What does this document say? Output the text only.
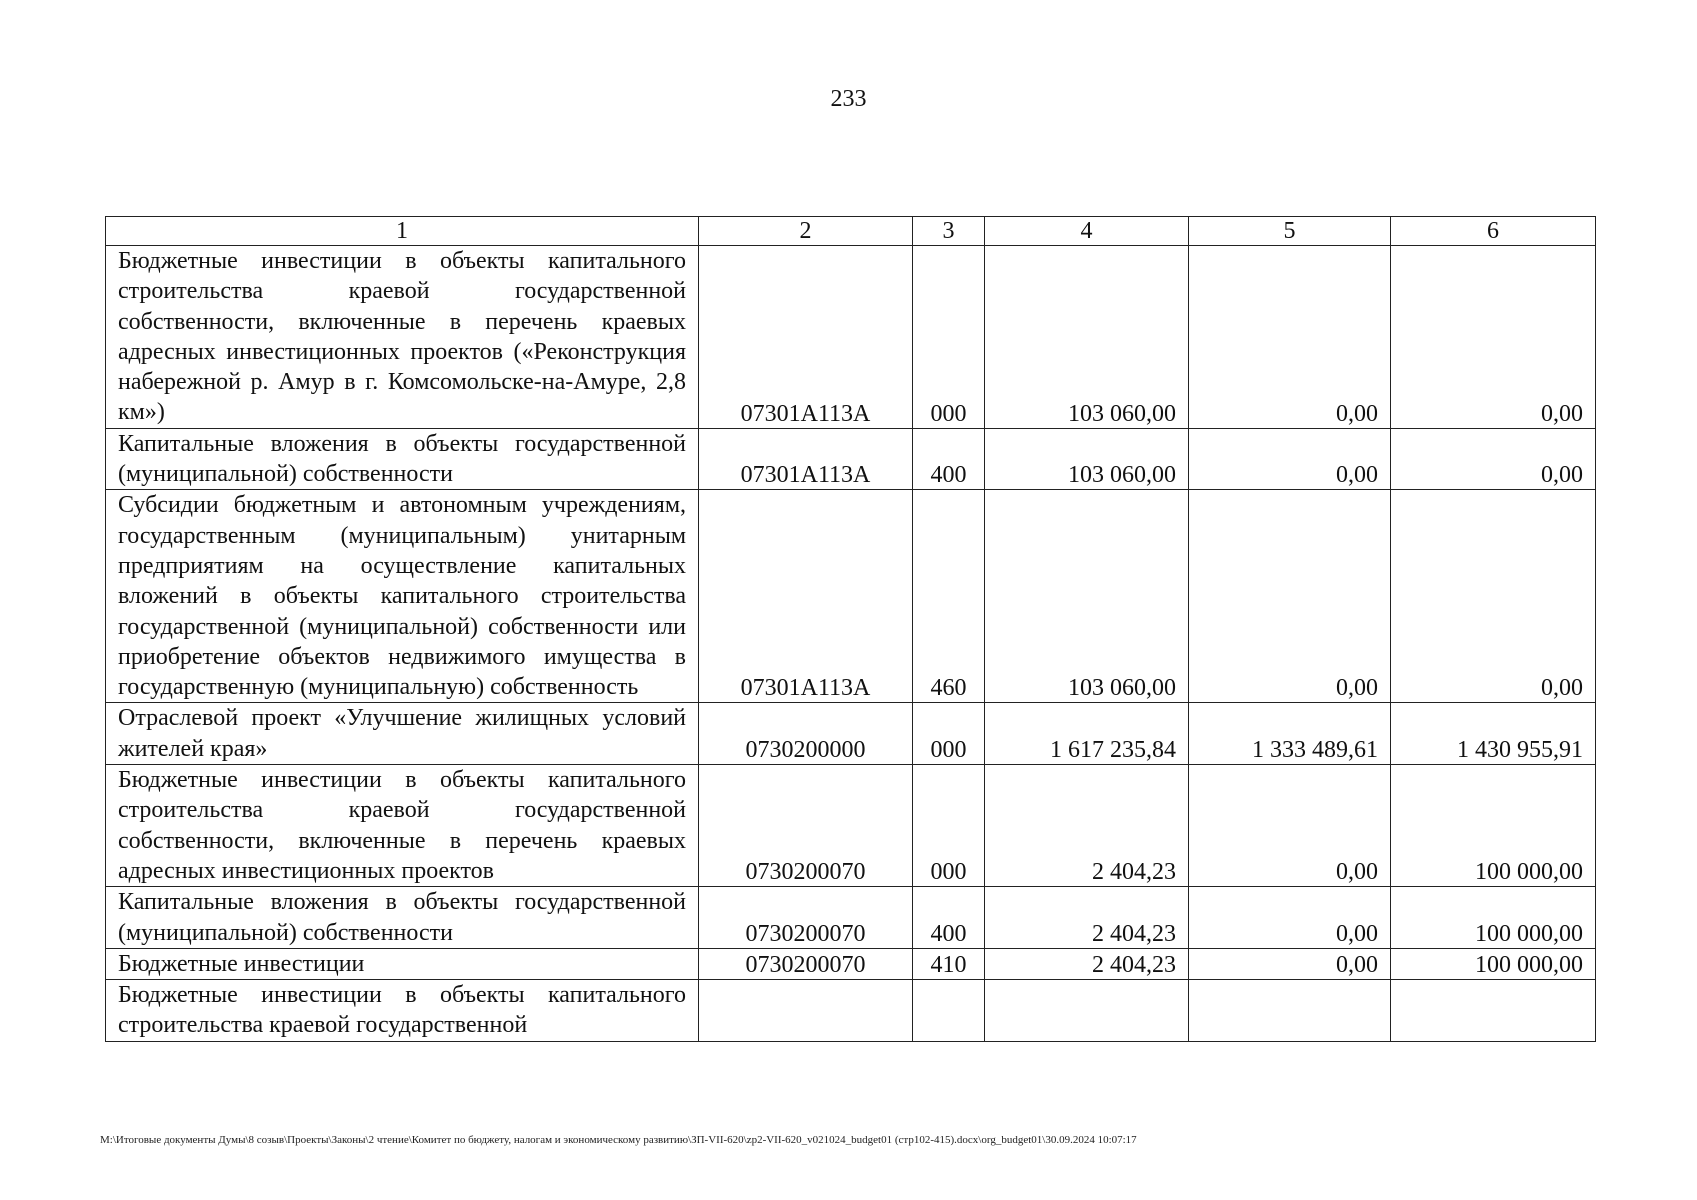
233
1	2	3	4	5	6
Бюджетные инвестиции в объекты капитального строительства краевой государственной собственности, включенные в перечень краевых адресных инвестиционных проектов («Реконструкция набережной р. Амур в г. Комсомольске-на-Амуре, 2,8 км»)	07301А113А	000	103 060,00	0,00	0,00
Капитальные вложения в объекты государственной (муниципальной) собственности	07301А113А	400	103 060,00	0,00	0,00
Субсидии бюджетным и автономным учреждениям, государственным (муниципальным) унитарным предприятиям на осуществление капитальных вложений в объекты капитального строительства государственной (муниципальной) собственности или приобретение объектов недвижимого имущества в государственную (муниципальную) собственность	07301А113А	460	103 060,00	0,00	0,00
Отраслевой проект «Улучшение жилищных условий жителей края»	0730200000	000	1 617 235,84	1 333 489,61	1 430 955,91
Бюджетные инвестиции в объекты капитального строительства краевой государственной собственности, включенные в перечень краевых адресных инвестиционных проектов	0730200070	000	2 404,23	0,00	100 000,00
Капитальные вложения в объекты государственной (муниципальной) собственности	0730200070	400	2 404,23	0,00	100 000,00
Бюджетные инвестиции	0730200070	410	2 404,23	0,00	100 000,00
Бюджетные инвестиции в объекты капитального строительства краевой государственной					
M:\Итоговые документы Думы\8 созыв\Проекты\Законы\2 чтение\Комитет по бюджету, налогам и экономическому развитию\ЗП-VII-620\zp2-VII-620_v021024_budget01 (стр102-415).docx\org_budget01\30.09.2024 10:07:17
